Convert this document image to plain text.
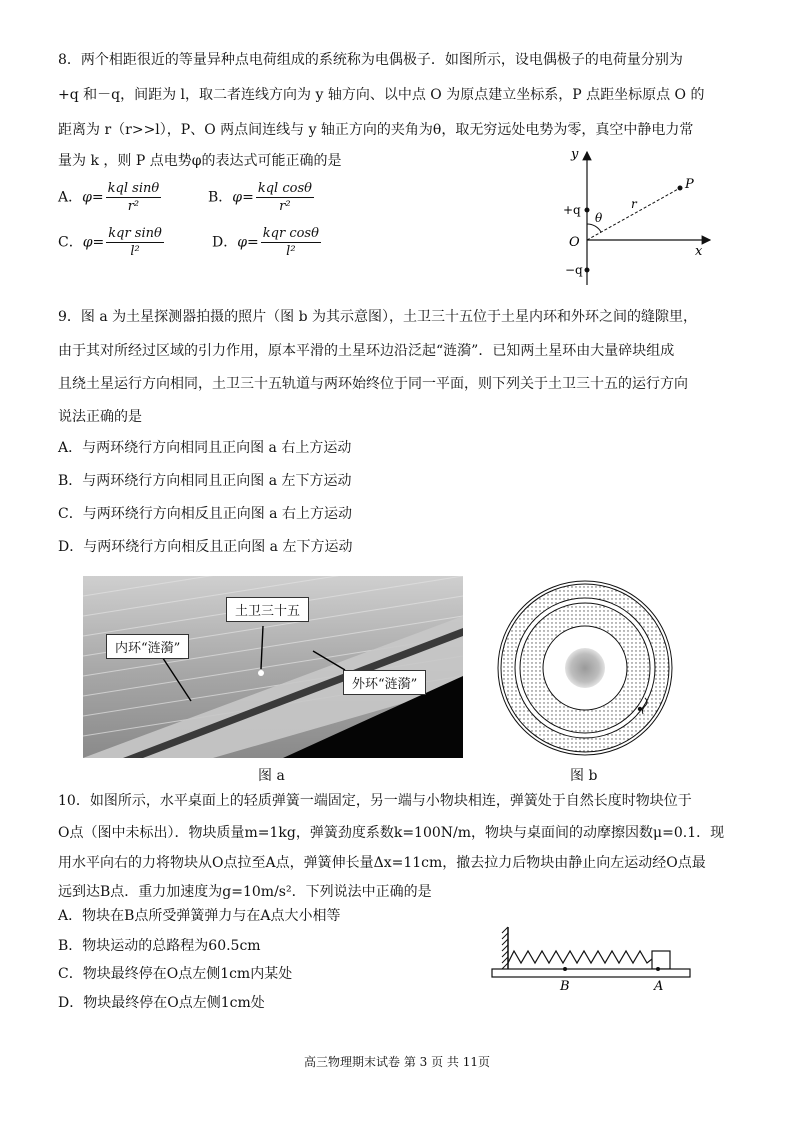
8．两个相距很近的等量异种点电荷组成的系统称为电偶极子．如图所示，设电偶极子的电荷量分别为
+q 和－q，间距为 l，取二者连线方向为 y 轴方向、以中点 O 为原点建立坐标系，P 点距坐标原点 O 的
距离为 r（r>>l），P、O 两点间连线与 y 轴正方向的夹角为θ，取无穷远处电势为零，真空中静电力常
量为 k ，则 P 点电势φ的表达式可能正确的是
A．$\varphi= \frac{\text{kql sinθ}}{\text{r²}}$	B．$\varphi= \frac{\text{kql cosθ}}{\text{r²}}$
C．$\varphi= \frac{\text{kqr sinθ}}{\text{l²}}$	D．$\varphi= \frac{\text{kqr cosθ}}{\text{l²}}$
y
x
+q
−q
O
P
r
θ
9．图 a 为土星探测器拍摄的照片（图 b 为其示意图），土卫三十五位于土星内环和外环之间的缝隙里，
由于其对所经过区域的引力作用，原本平滑的土星环边沿泛起“涟漪”．已知两土星环由大量碎块组成
且绕土星运行方向相同，土卫三十五轨道与两环始终位于同一平面，则下列关于土卫三十五的运行方向
说法正确的是
A．与两环绕行方向相同且正向图 a 右上方运动
B．与两环绕行方向相同且正向图 a 左下方运动
C．与两环绕行方向相反且正向图 a 右上方运动
D．与两环绕行方向相反且正向图 a 左下方运动
土卫三十五
内环“涟漪”
外环“涟漪”
图 a	图 b
10．如图所示，水平桌面上的轻质弹簧一端固定，另一端与小物块相连，弹簧处于自然长度时物块位于
O点（图中未标出）．物块质量m=1kg，弹簧劲度系数k=100N/m，物块与桌面间的动摩擦因数μ=0.1．现
用水平向右的力将物块从O点拉至A点，弹簧伸长量Δx=11cm，撤去拉力后物块由静止向左运动经O点最
远到达B点．重力加速度为g=10m/s²．下列说法中正确的是
A．物块在B点所受弹簧弹力与在A点大小相等
B．物块运动的总路程为60.5cm
C．物块最终停在O点左侧1cm内某处
D．物块最终停在O点左侧1cm处
B	A
高三物理期末试卷 第 3 页 共 11页
